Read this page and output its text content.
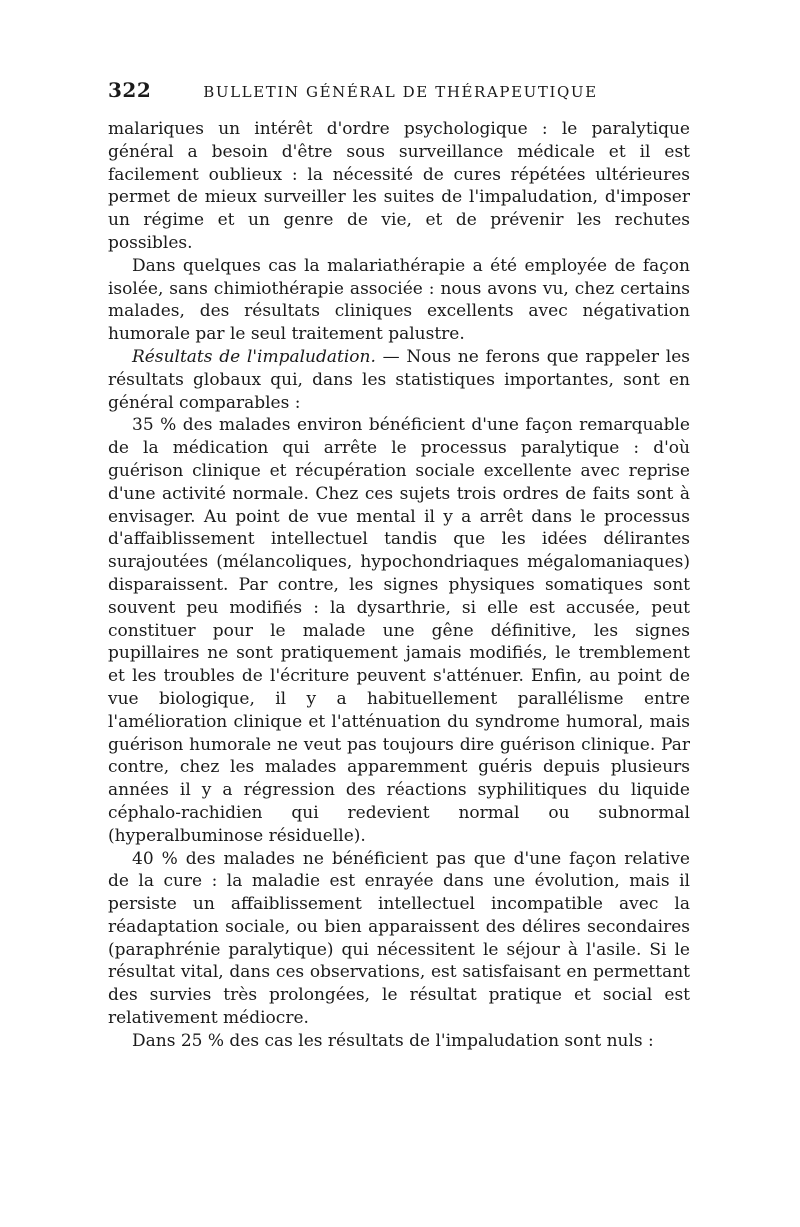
322	BULLETIN GÉNÉRAL DE THÉRAPEUTIQUE

malariques un intérêt d'ordre psychologique : le paralytique général a besoin d'être sous surveillance médicale et il est facilement oublieux : la nécessité de cures répétées ultérieures permet de mieux surveiller les suites de l'impaludation, d'imposer un régime et un genre de vie, et de prévenir les rechutes possibles.

Dans quelques cas la malariathérapie a été employée de façon isolée, sans chimiothérapie associée : nous avons vu, chez certains malades, des résultats cliniques excellents avec négativation humorale par le seul traitement palustre.

Résultats de l'impaludation. — Nous ne ferons que rappeler les résultats globaux qui, dans les statistiques importantes, sont en général comparables :

35 % des malades environ bénéficient d'une façon remarquable de la médication qui arrête le processus paralytique : d'où guérison clinique et récupération sociale excellente avec reprise d'une activité normale. Chez ces sujets trois ordres de faits sont à envisager. Au point de vue mental il y a arrêt dans le processus d'affaiblissement intellectuel tandis que les idées délirantes surajoutées (mélancoliques, hypochondriaques mégalomaniaques) disparaissent. Par contre, les signes physiques somatiques sont souvent peu modifiés : la dysarthrie, si elle est accusée, peut constituer pour le malade une gêne définitive, les signes pupillaires ne sont pratiquement jamais modifiés, le tremblement et les troubles de l'écriture peuvent s'atténuer. Enfin, au point de vue biologique, il y a habituellement parallélisme entre l'amélioration clinique et l'atténuation du syndrome humoral, mais guérison humorale ne veut pas toujours dire guérison clinique. Par contre, chez les malades apparemment guéris depuis plusieurs années il y a régression des réactions syphilitiques du liquide céphalo-rachidien qui redevient normal ou subnormal (hyperalbuminose résiduelle).

40 % des malades ne bénéficient pas que d'une façon relative de la cure : la maladie est enrayée dans une évolution, mais il persiste un affaiblissement intellectuel incompatible avec la réadaptation sociale, ou bien apparaissent des délires secondaires (paraphrénie paralytique) qui nécessitent le séjour à l'asile. Si le résultat vital, dans ces observations, est satisfaisant en permettant des survies très prolongées, le résultat pratique et social est relativement médiocre.

Dans 25 % des cas les résultats de l'impaludation sont nuls :
